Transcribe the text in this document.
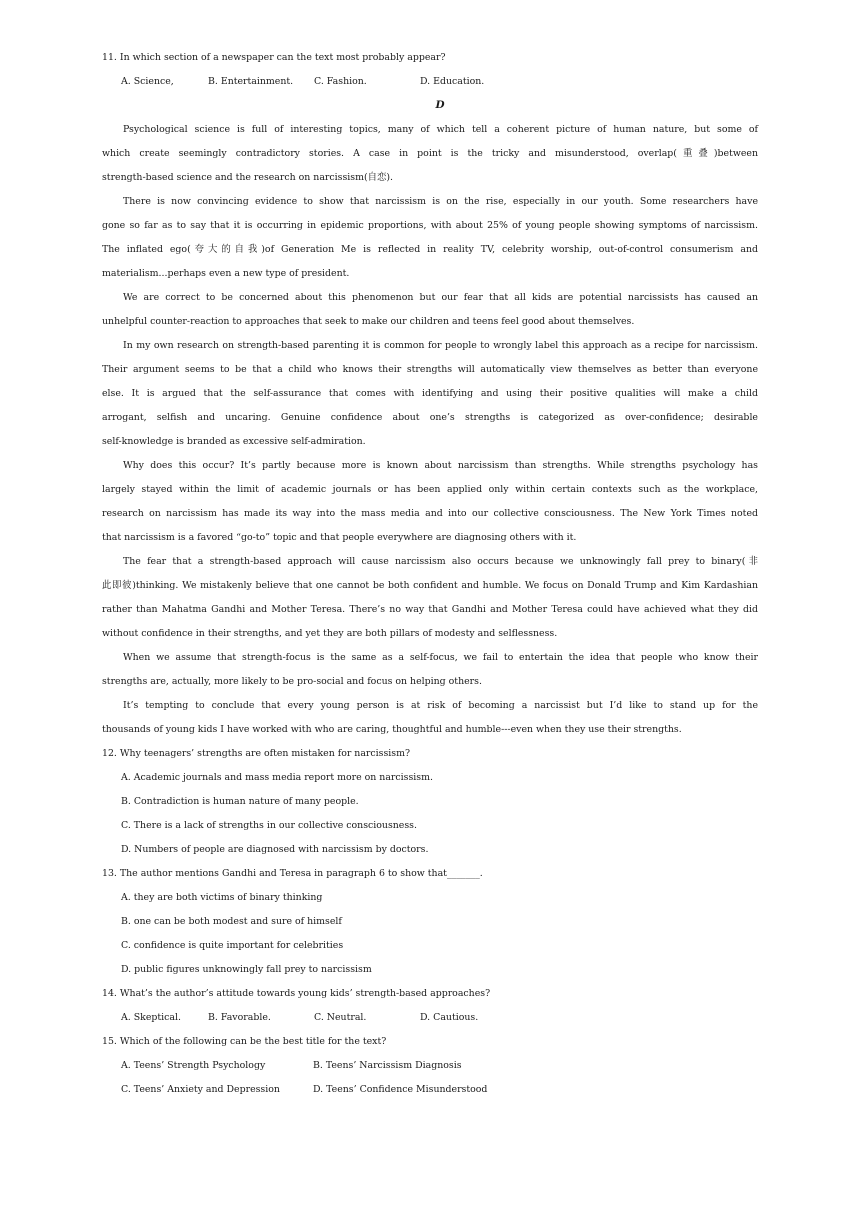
11. In which section of a newspaper can the text most probably appear?
A. Science,	B. Entertainment. C. Fashion.	D. Education.
D
Psychological science is full of interesting topics, many of which tell a coherent picture of human nature, but some of
which create seemingly contradictory stories. A case in point is the tricky and misunderstood, overlap(重叠)between
strength-based science and the research on narcissism(自恋).
There is now convincing evidence to show that narcissism is on the rise, especially in our youth. Some researchers have
gone so far as to say that it is occurring in epidemic proportions, with about 25% of young people showing symptoms of narcissism.
The inflated ego(夸大的自我)of Generation Me is reflected in reality TV, celebrity worship, out-of-control consumerism and
materialism...perhaps even a new type of president.
We are correct to be concerned about this phenomenon but our fear that all kids are potential narcissists has caused an
unhelpful counter-reaction to approaches that seek to make our children and teens feel good about themselves.
In my own research on strength-based parenting it is common for people to wrongly label this approach as a recipe for narcissism.
Their argument seems to be that a child who knows their strengths will automatically view themselves as better than everyone
else. It is argued that the self-assurance that comes with identifying and using their positive qualities will make a child
arrogant, selfish and uncaring. Genuine confidence about one’s strengths is categorized as over-confidence; desirable
self-knowledge is branded as excessive self-admiration.
Why does this occur? It’s partly because more is known about narcissism than strengths. While strengths psychology has
largely stayed within the limit of academic journals or has been applied only within certain contexts such as the workplace,
research on narcissism has made its way into the mass media and into our collective consciousness. The New York Times noted
that narcissism is a favored “go-to” topic and that people everywhere are diagnosing others with it.
The fear that a strength-based approach will cause narcissism also occurs because we unknowingly fall prey to binary(非
此即彼)thinking. We mistakenly believe that one cannot be both confident and humble. We focus on Donald Trump and Kim Kardashian
rather than Mahatma Gandhi and Mother Teresa. There’s no way that Gandhi and Mother Teresa could have achieved what they did
without confidence in their strengths, and yet they are both pillars of modesty and selflessness.
When we assume that strength-focus is the same as a self-focus, we fail to entertain the idea that people who know their
strengths are, actually, more likely to be pro-social and focus on helping others.
It’s tempting to conclude that every young person is at risk of becoming a narcissist but I’d like to stand up for the
thousands of young kids I have worked with who are caring, thoughtful and humble---even when they use their strengths.
12. Why teenagers’ strengths are often mistaken for narcissism?
A. Academic journals and mass media report more on narcissism.
B. Contradiction is human nature of many people.
C. There is a lack of strengths in our collective consciousness.
D. Numbers of people are diagnosed with narcissism by doctors.
13. The author mentions Gandhi and Teresa in paragraph 6 to show that_______.
A. they are both victims of binary thinking
B. one can be both modest and sure of himself
C. confidence is quite important for celebrities
D. public figures unknowingly fall prey to narcissism
14. What’s the author’s attitude towards young kids’ strength-based approaches?
A. Skeptical.	B. Favorable.	C. Neutral.	D. Cautious.
15. Which of the following can be the best title for the text?
A. Teens’ Strength Psychology	B. Teens’ Narcissism Diagnosis
C. Teens’ Anxiety and Depression	D. Teens’ Confidence Misunderstood
